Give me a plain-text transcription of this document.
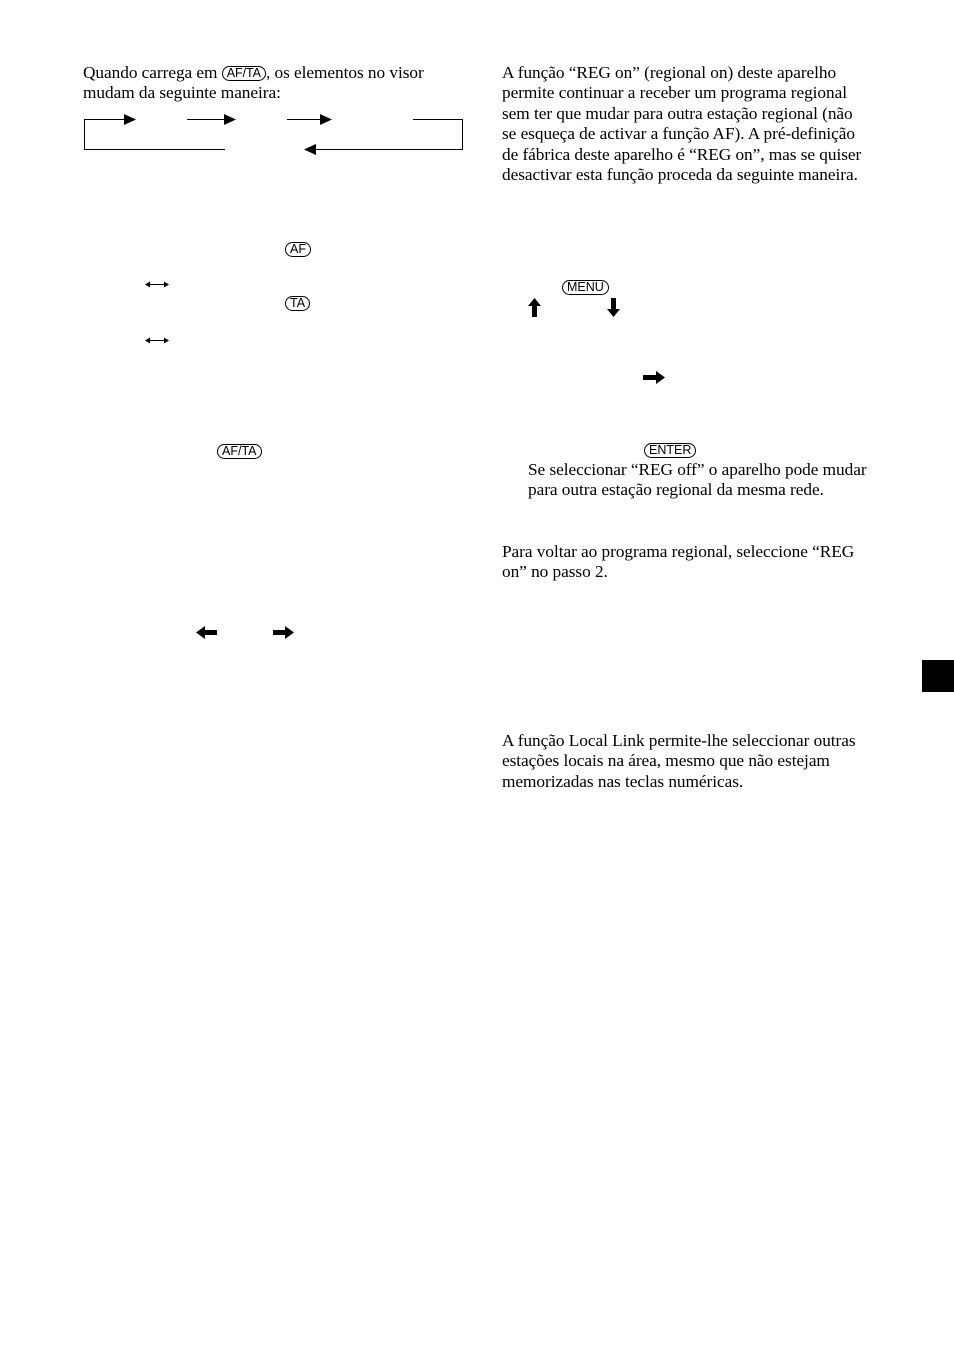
Quando carrega em AF/TA , os elementos no visor mudam da seguinte maneira:

AF
TA
AF/TA

A função “REG on” (regional on) deste aparelho permite continuar a receber um programa regional sem ter que mudar para outra estação regional (não se esqueça de activar a função AF). A pré-definição de fábrica deste aparelho é “REG on”, mas se quiser desactivar esta função proceda da seguinte maneira.

MENU
ENTER

Se seleccionar “REG off” o aparelho pode mudar para outra estação regional da mesma rede.

Para voltar ao programa regional, seleccione “REG on” no passo 2.

A função Local Link permite-lhe seleccionar outras estações locais na área, mesmo que não estejam memorizadas nas teclas numéricas.
